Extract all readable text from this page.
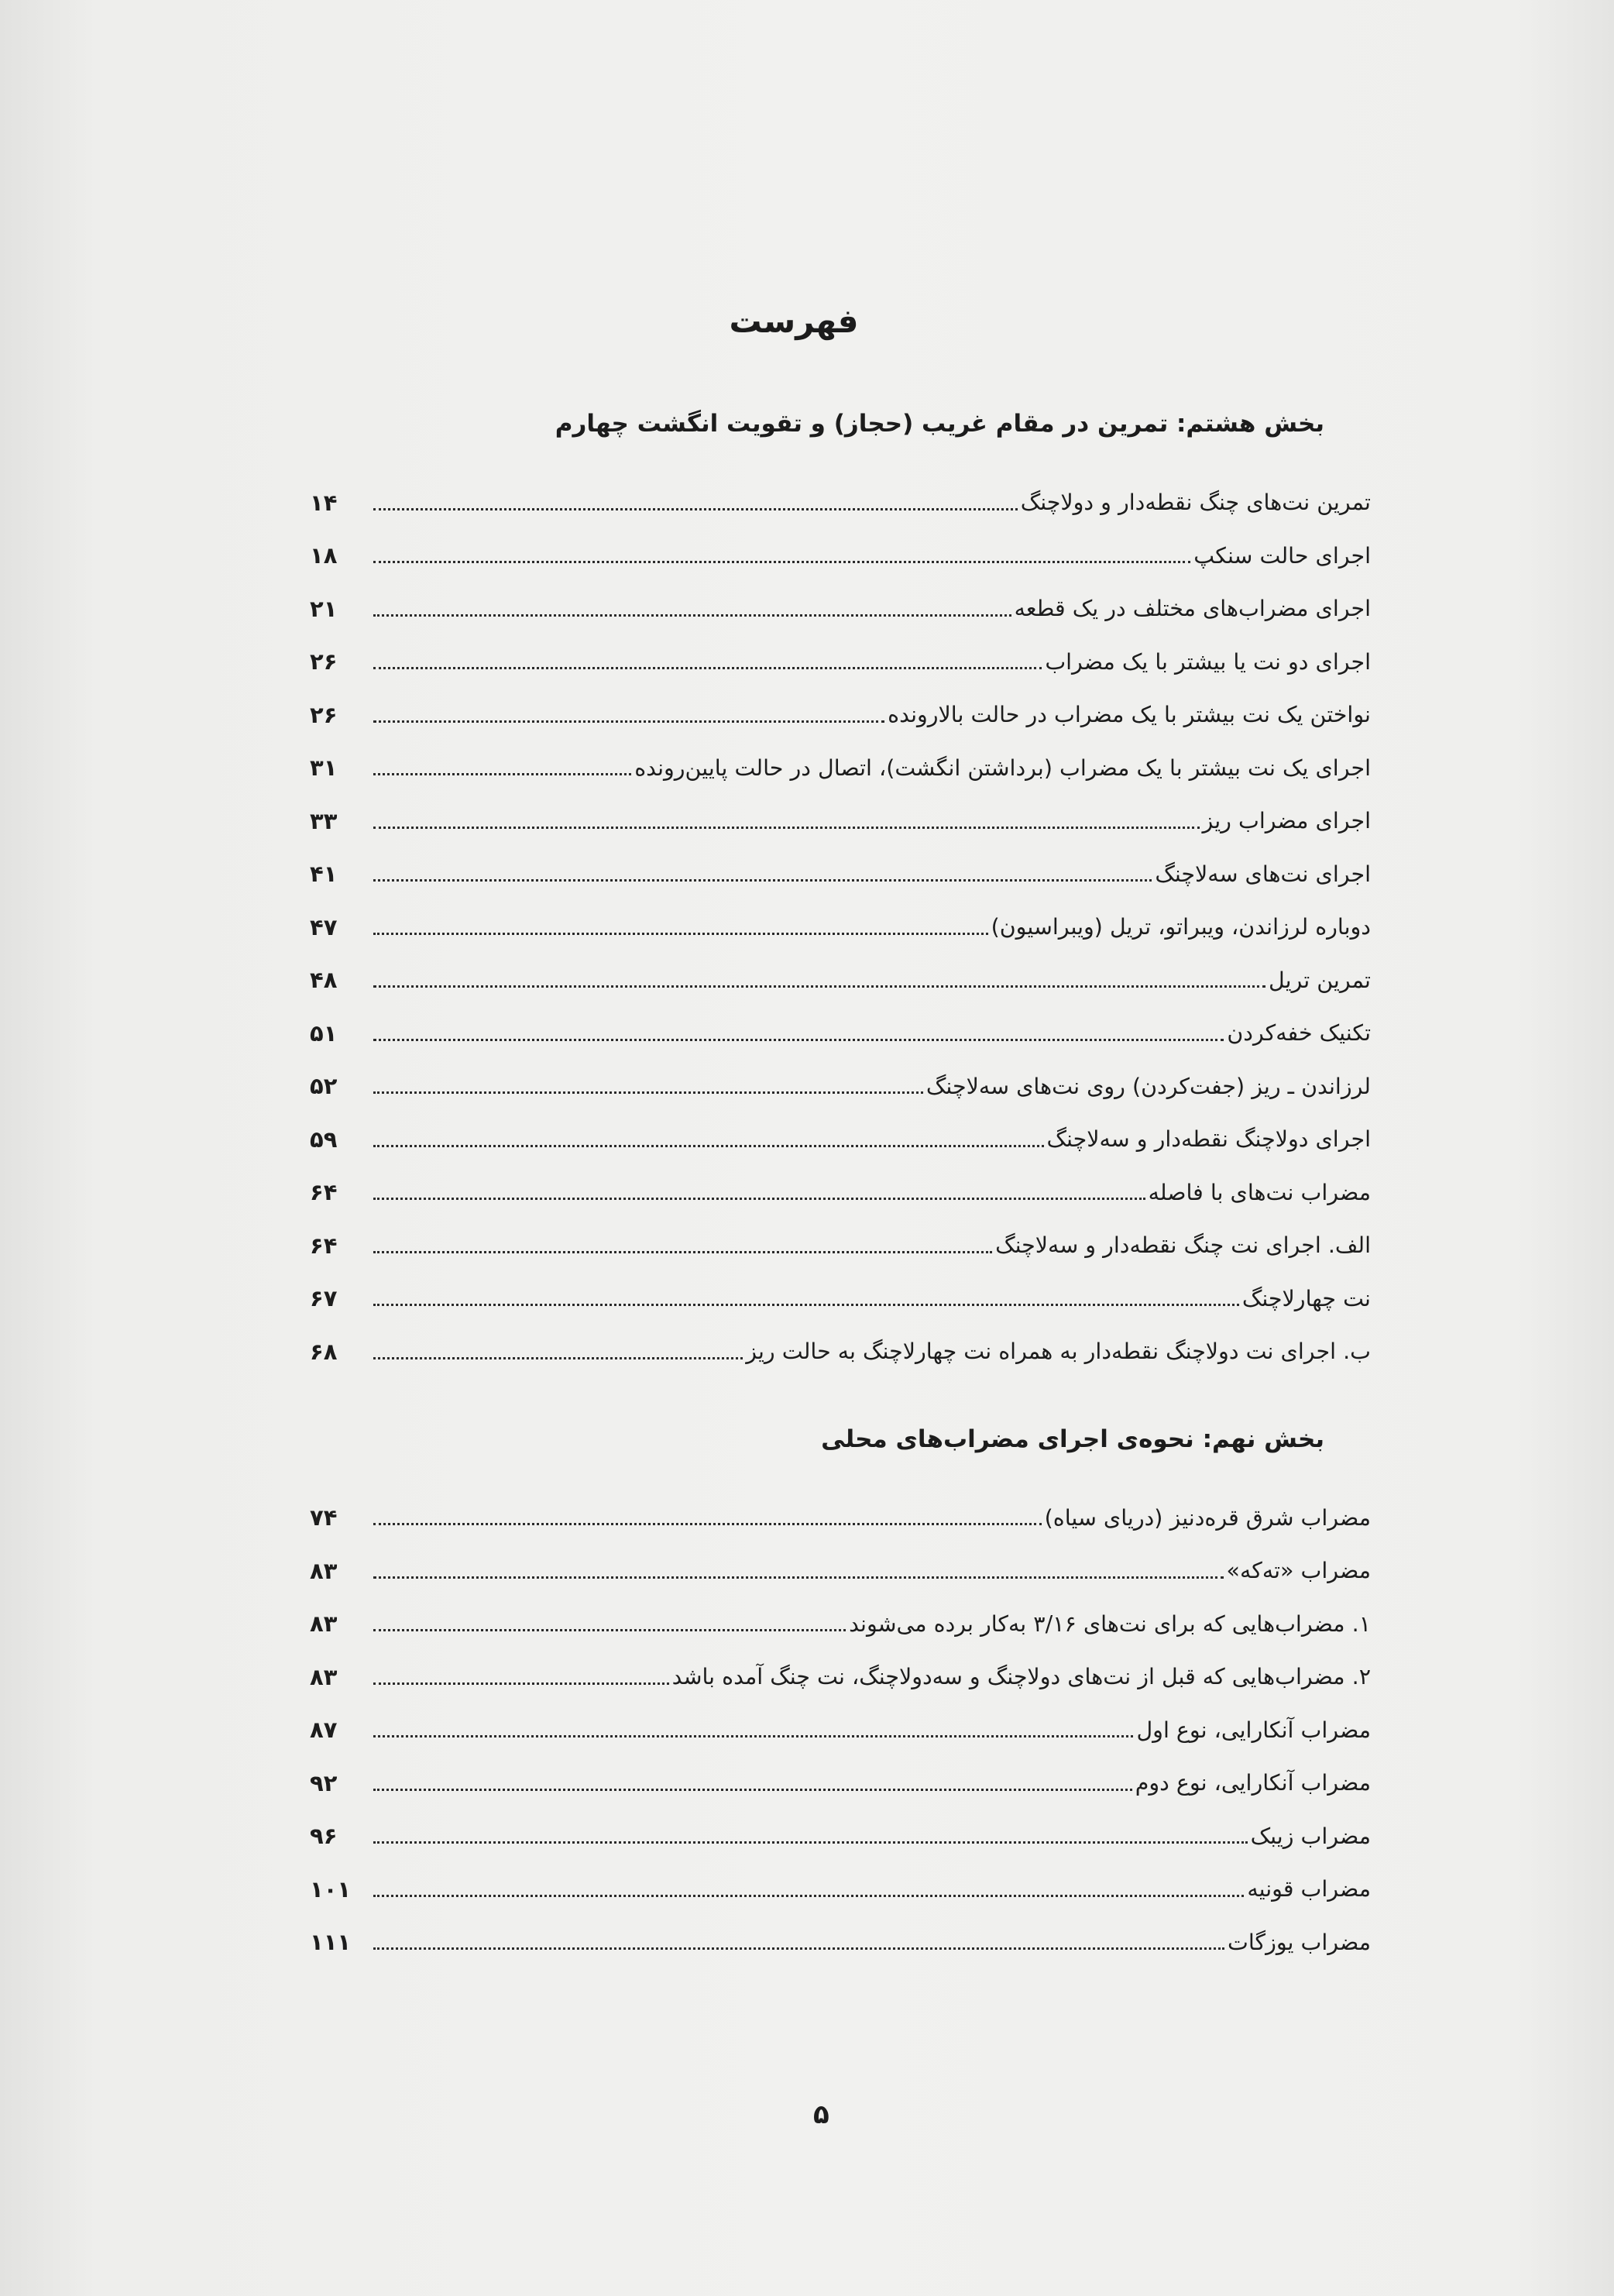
فهرست
بخش هشتم: تمرین در مقام غریب (حجاز) و تقویت انگشت چهارم
تمرین نت‌های چنگ نقطه‌دار و دولاچنگ
۱۴
اجرای حالت سنکپ
۱۸
اجرای مضراب‌های مختلف در یک قطعه
۲۱
اجرای دو نت یا بیشتر با یک مضراب
۲۶
نواختن یک نت بیشتر با یک مضراب در حالت بالارونده
۲۶
اجرای یک نت بیشتر با یک مضراب (برداشتن انگشت)، اتصال در حالت پایین‌رونده
۳۱
اجرای مضراب ریز
۳۳
اجرای نت‌های سه‌لاچنگ
۴۱
دوباره لرزاندن، ویبراتو، تریل (ویبراسیون)
۴۷
تمرین تریل
۴۸
تکنیک خفه‌کردن
۵۱
لرزاندن ـ ریز (جفت‌کردن) روی نت‌های سه‌لاچنگ
۵۲
اجرای دولاچنگ نقطه‌دار و سه‌لاچنگ
۵۹
مضراب نت‌های با فاصله
۶۴
الف. اجرای نت چنگ نقطه‌دار و سه‌لاچنگ
۶۴
نت چهارلاچنگ
۶۷
ب. اجرای نت دولاچنگ نقطه‌دار به همراه نت چهارلاچنگ به حالت ریز
۶۸
بخش نهم: نحوه‌ی اجرای مضراب‌های محلی
مضراب شرق قره‌دنیز (دریای سیاه)
۷۴
مضراب «ته‌که»
۸۳
۱. مضراب‌هایی که برای نت‌های ۳/۱۶ به‌کار برده می‌شوند
۸۳
۲. مضراب‌هایی که قبل از نت‌های دولاچنگ و سه‌دولاچنگ، نت چنگ آمده باشد
۸۳
مضراب آنکارایی، نوع اول
۸۷
مضراب آنکارایی، نوع دوم
۹۲
مضراب زیبک
۹۶
مضراب قونیه
۱۰۱
مضراب یوزگات
۱۱۱
۵
